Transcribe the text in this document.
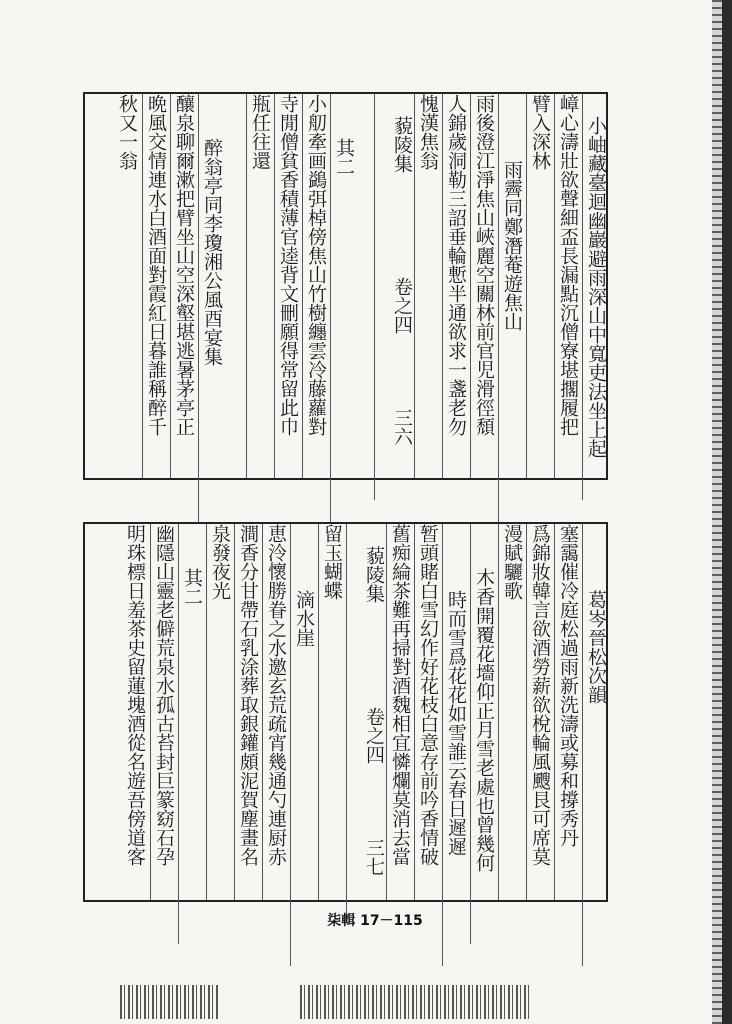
小岫藏臺迴幽巖避雨深山中寬吏法坐上起
嶂心濤壯欲聲細盃長漏點沉僧寮堪擱履把
臂入深林
雨霽同鄭潛菴遊焦山
雨後澄江淨焦山峽麗空關林前官児滑徑頹
人錦歲洞勒三詔垂輪慙半通欲求一盞老勿
愧漢焦翁
藐陵集  卷之四  三六
其二
小舠牽画鷁弭棹傍焦山竹樹纏雲冷藤蘿對
寺閒僧貧香積薄官逵背文刪願得常留此巾
瓶任往還
醉翁亭同李瓊湘公風酉宴集
釀泉聊爾漱把臂坐山空深壑堪逃暑茅亭正
晩風交情連水白酒面對霞紅日暮誰稱醉千
秋又一翁
葛岑晉松次韻
塞靄催冷庭松過雨新洗濤或募和撐秀丹
爲錦妝韓言欲酒勞薪欲梲輪風颼艮可席莫
漫賦驪歌
木香開覆花墻仰正月雪老處也曾幾何
時而雪爲花花如雪誰云春日遲遲
暂頭賭白雪幻作好花枝白意存前吟香情破
舊痴綸茶難再掃對酒魏相宜憐爛莫消去當
藐陵集  卷之四  三七
留玉蝴蝶
滴水崖
恵泠懷勝眷之水邀玄荒疏宵幾通勺連厨赤
澗香分甘帶石乳涂葬取銀鑵頗泥賀塵畫名
泉發夜光
其二
幽隱山靈老僻荒泉水孤古苔封巨篆窈石孕
明珠標日羞茶史留蓮塊酒從名遊吾傍道客
柒輯 17－115
